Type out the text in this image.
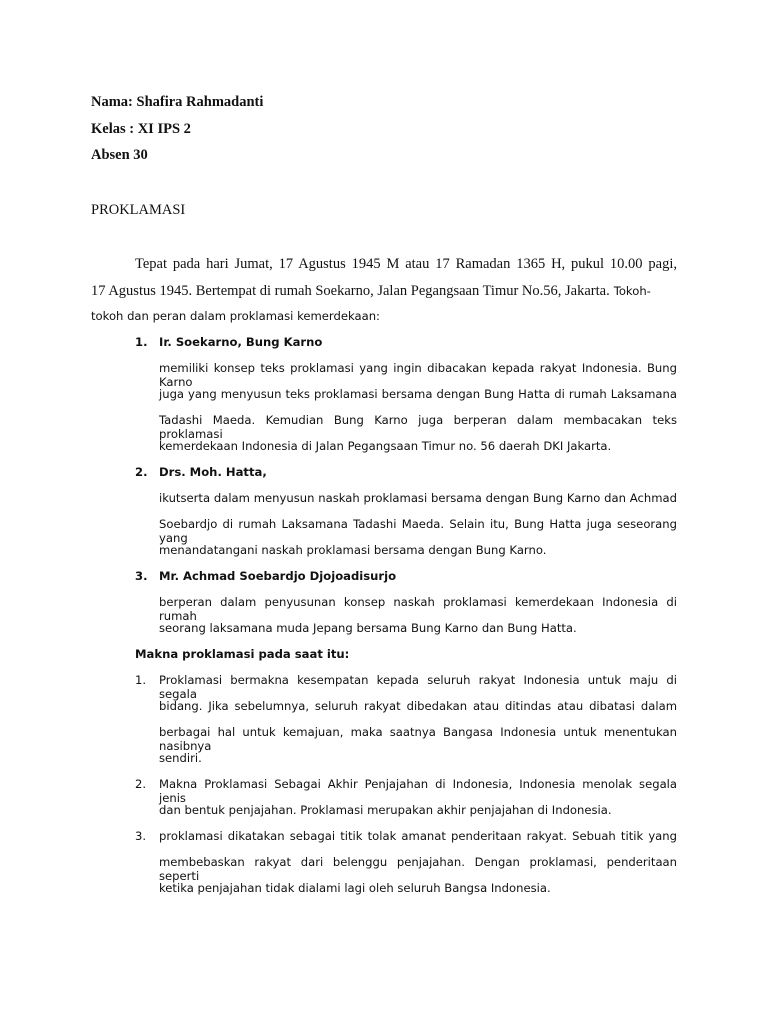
Nama: Shafira Rahmadanti
Kelas : XI IPS 2
Absen 30
PROKLAMASI
Tepat pada hari Jumat, 17 Agustus 1945 M atau 17 Ramadan 1365 H, pukul 10.00 pagi,
17 Agustus 1945. Bertempat di rumah Soekarno, Jalan Pegangsaan Timur No.56, Jakarta. Tokoh-
tokoh dan peran dalam proklamasi kemerdekaan:
1. Ir. Soekarno, Bung Karno
memiliki konsep teks proklamasi yang ingin dibacakan kepada rakyat Indonesia. Bung Karno
juga yang menyusun teks proklamasi bersama dengan Bung Hatta di rumah Laksamana
Tadashi Maeda. Kemudian Bung Karno juga berperan dalam membacakan teks proklamasi
kemerdekaan Indonesia di Jalan Pegangsaan Timur no. 56 daerah DKI Jakarta.
2. Drs. Moh. Hatta,
ikutserta dalam menyusun naskah proklamasi bersama dengan Bung Karno dan Achmad
Soebardjo di rumah Laksamana Tadashi Maeda. Selain itu, Bung Hatta juga seseorang yang
menandatangani naskah proklamasi bersama dengan Bung Karno.
3. Mr. Achmad Soebardjo Djojoadisurjo
berperan dalam penyusunan konsep naskah proklamasi kemerdekaan Indonesia di rumah
seorang laksamana muda Jepang bersama Bung Karno dan Bung Hatta.
Makna proklamasi pada saat itu:
1.	Proklamasi bermakna kesempatan kepada seluruh rakyat Indonesia untuk maju di segala
bidang. Jika sebelumnya, seluruh rakyat dibedakan atau ditindas atau dibatasi dalam
berbagai hal untuk kemajuan, maka saatnya Bangasa Indonesia untuk menentukan nasibnya
sendiri.
2.	Makna Proklamasi Sebagai Akhir Penjajahan di Indonesia, Indonesia menolak segala jenis
dan bentuk penjajahan. Proklamasi merupakan akhir penjajahan di Indonesia.
3.	proklamasi dikatakan sebagai titik tolak amanat penderitaan rakyat. Sebuah titik yang
membebaskan rakyat dari belenggu penjajahan. Dengan proklamasi, penderitaan seperti
ketika penjajahan tidak dialami lagi oleh seluruh Bangsa Indonesia.
